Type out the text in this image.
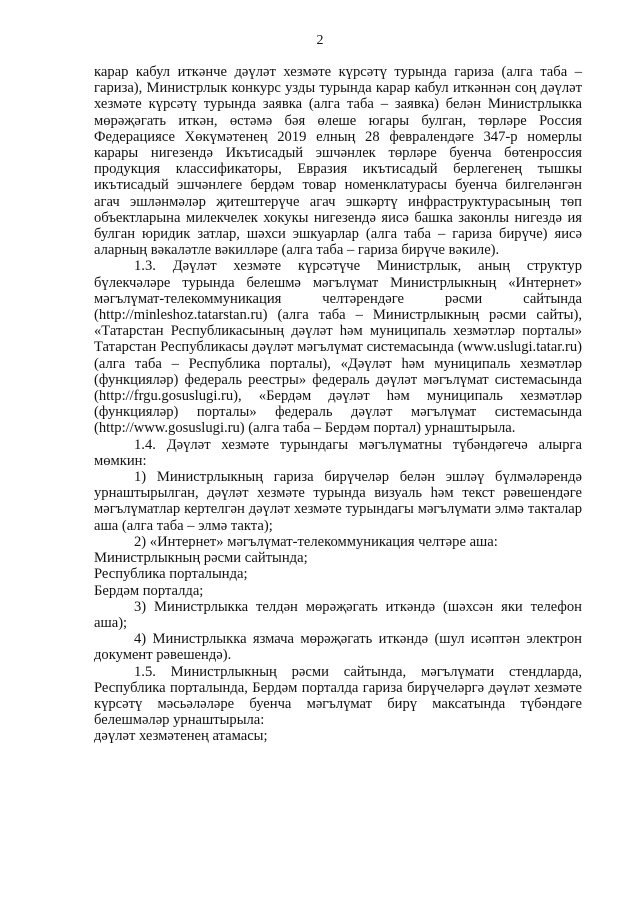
2

карар кабул иткәнче дәүләт хезмәте күрсәтү турында гариза (алга таба – гариза), Министрлык конкурс узды турында карар кабул иткәннән соң дәүләт хезмәте күрсәтү турында заявка (алга таба – заявка) белән Министрлыкка мөрәҗәгать иткән, өстәмә бәя өлеше югары булган, төрләре Россия Федерациясе Хөкүмәтенең 2019 елның 28 февралендәге 347-р номерлы карары нигезендә Икътисадый эшчәнлек төрләре буенча бөтенроссия продукция классификаторы, Евразия икътисадый берлегенең тышкы икътисадый эшчәнлеге бердәм товар номенклатурасы буенча билгеләнгән агач эшләнмәләр җитештерүче агач эшкәртү инфраструктурасының төп объектларына милекчелек хокукы нигезендә яисә башка законлы нигездә ия булган юридик затлар, шәхси эшкуарлар (алга таба – гариза бирүче) яисә аларның вәкаләтле вәкилләре (алга таба – гариза бирүче вәкиле).

1.3. Дәүләт хезмәте күрсәтүче Министрлык, аның структур бүлекчәләре турында белешмә мәгълүмат Министрлыкның «Интернет» мәгълүмат-телекоммуникация челтәрендәге рәсми сайтында (http://minleshoz.tatarstan.ru) (алга таба – Министрлыкның рәсми сайты), «Татарстан Республикасының дәүләт һәм муниципаль хезмәтләр порталы» Татарстан Республикасы дәүләт мәгълүмат системасында (www.uslugi.tatar.ru) (алга таба – Республика порталы), «Дәүләт һәм муниципаль хезмәтләр (функцияләр) федераль реестры» федераль дәүләт мәгълүмат системасында (http://frgu.gosuslugi.ru), «Бердәм дәүләт һәм муниципаль хезмәтләр (функцияләр) порталы» федераль дәүләт мәгълүмат системасында (http://www.gosuslugi.ru) (алга таба – Бердәм портал) урнаштырыла.

1.4. Дәүләт хезмәте турындагы мәгълүматны түбәндәгечә алырга мөмкин:

1) Министрлыкның гариза бирүчеләр белән эшләү бүлмәләрендә урнаштырылган, дәүләт хезмәте турында визуаль һәм текст рәвешендәге мәгълүматлар кертелгән дәүләт хезмәте турындагы мәгълүмати элмә такталар аша (алга таба – элмә такта);

2) «Интернет» мәгълүмат-телекоммуникация челтәре аша:

Министрлыкның рәсми сайтында;

Республика порталында;

Бердәм порталда;

3) Министрлыкка телдән мөрәҗәгать иткәндә (шәхсән яки телефон аша);

4) Министрлыкка язмача мөрәҗәгать иткәндә (шул исәптән электрон документ рәвешендә).

1.5. Министрлыкның рәсми сайтында, мәгълүмати стендларда, Республика порталында, Бердәм порталда гариза бирүчеләргә дәүләт хезмәте күрсәтү мәсьәләләре буенча мәгълүмат бирү максатында түбәндәге белешмәләр урнаштырыла:

дәүләт хезмәтенең атамасы;
